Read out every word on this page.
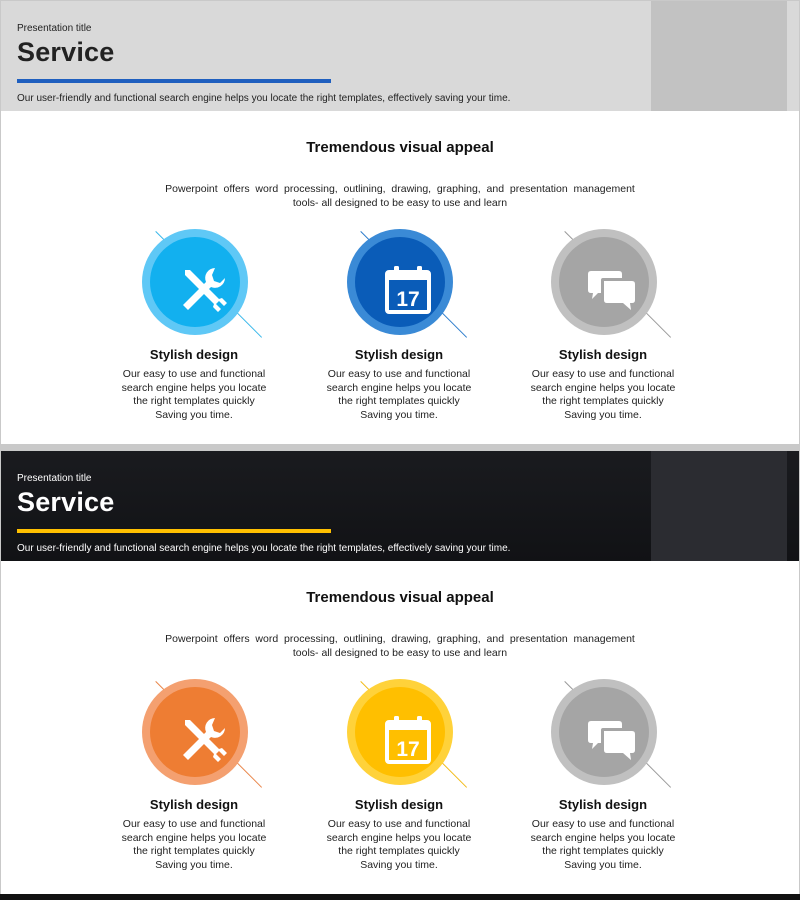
Presentation title
Service
Our user-friendly and functional search engine helps you locate the right templates, effectively saving your time.
Tremendous visual appeal
Powerpoint  offers  word  processing,  outlining,  drawing,  graphing,  and  presentation  management
tools- all designed to be easy to use and learn
Stylish design
Our easy to use and functional
search engine helps you locate
the right templates quickly
Saving you time.
17
Stylish design
Our easy to use and functional
search engine helps you locate
the right templates quickly
Saving you time.
Stylish design
Our easy to use and functional
search engine helps you locate
the right templates quickly
Saving you time.
Presentation title
Service
Our user-friendly and functional search engine helps you locate the right templates, effectively saving your time.
Tremendous visual appeal
Powerpoint  offers  word  processing,  outlining,  drawing,  graphing,  and  presentation  management
tools- all designed to be easy to use and learn
Stylish design
Our easy to use and functional
search engine helps you locate
the right templates quickly
Saving you time.
17
Stylish design
Our easy to use and functional
search engine helps you locate
the right templates quickly
Saving you time.
Stylish design
Our easy to use and functional
search engine helps you locate
the right templates quickly
Saving you time.
